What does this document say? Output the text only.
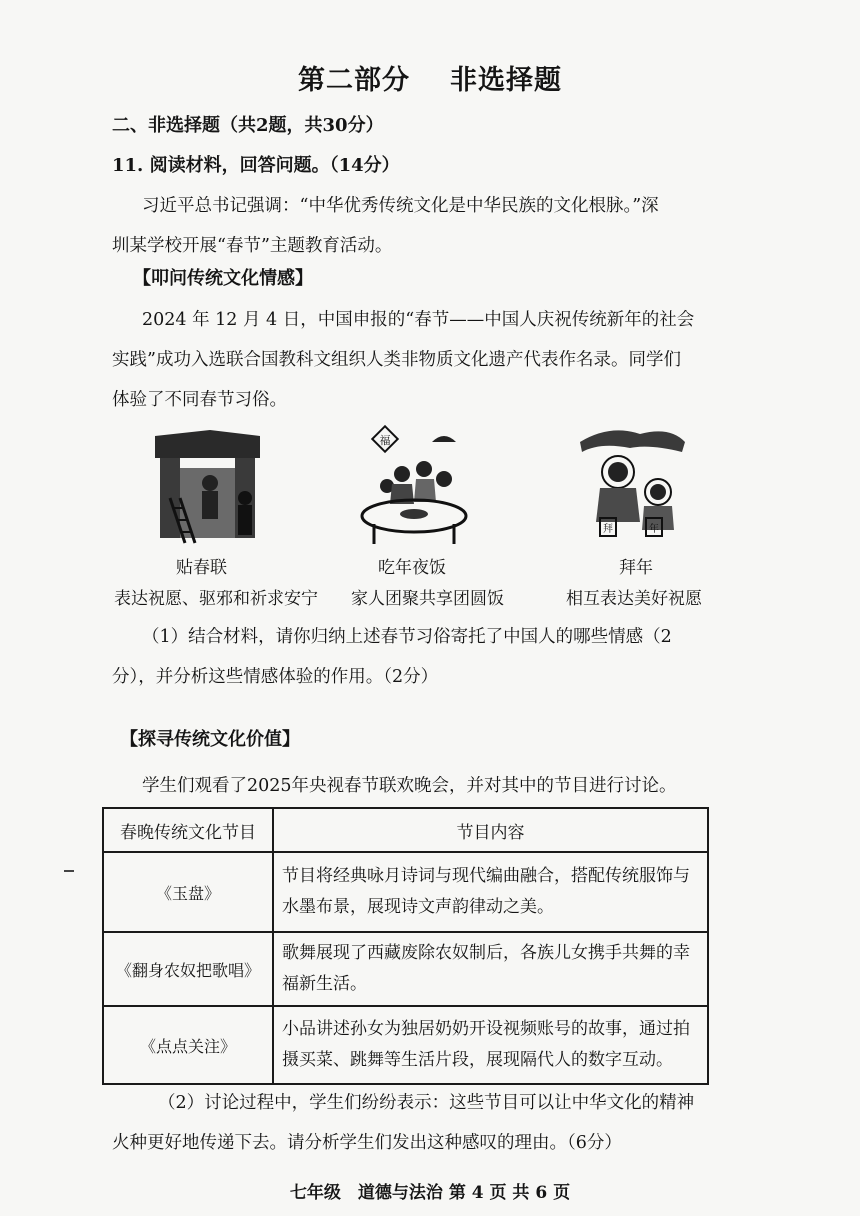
第二部分 非选择题
二、非选择题（共2题，共30分）
11. 阅读材料，回答问题。（14分）
习近平总书记强调：“中华优秀传统文化是中华民族的文化根脉。”深
圳某学校开展“春节”主题教育活动。
【叩问传统文化情感】
2024 年 12 月 4 日，中国申报的“春节——中国人庆祝传统新年的社会
实践”成功入选联合国教科文组织人类非物质文化遗产代表作名录。同学们
体验了不同春节习俗。
福
拜	年
贴春联	吃年夜饭	拜年
表达祝愿、驱邪和祈求安宁 家人团聚共享团圆饭	相互表达美好祝愿
（1）结合材料，请你归纳上述春节习俗寄托了中国人的哪些情感（2
分），并分析这些情感体验的作用。（2分）
【探寻传统文化价值】
学生们观看了2025年央视春节联欢晚会，并对其中的节目进行讨论。
春晚传统文化节目	节目内容
《玉盘》	节目将经典咏月诗词与现代编曲融合，搭配传统服饰与水墨布景，展现诗文声韵律动之美。
《翻身农奴把歌唱》	歌舞展现了西藏废除农奴制后，各族儿女携手共舞的幸福新生活。
《点点关注》	小品讲述孙女为独居奶奶开设视频账号的故事，通过拍摄买菜、跳舞等生活片段，展现隔代人的数字互动。
（2）讨论过程中，学生们纷纷表示：这些节目可以让中华文化的精神
火种更好地传递下去。请分析学生们发出这种感叹的理由。（6分）
七年级　道德与法治 第 4 页 共 6 页
